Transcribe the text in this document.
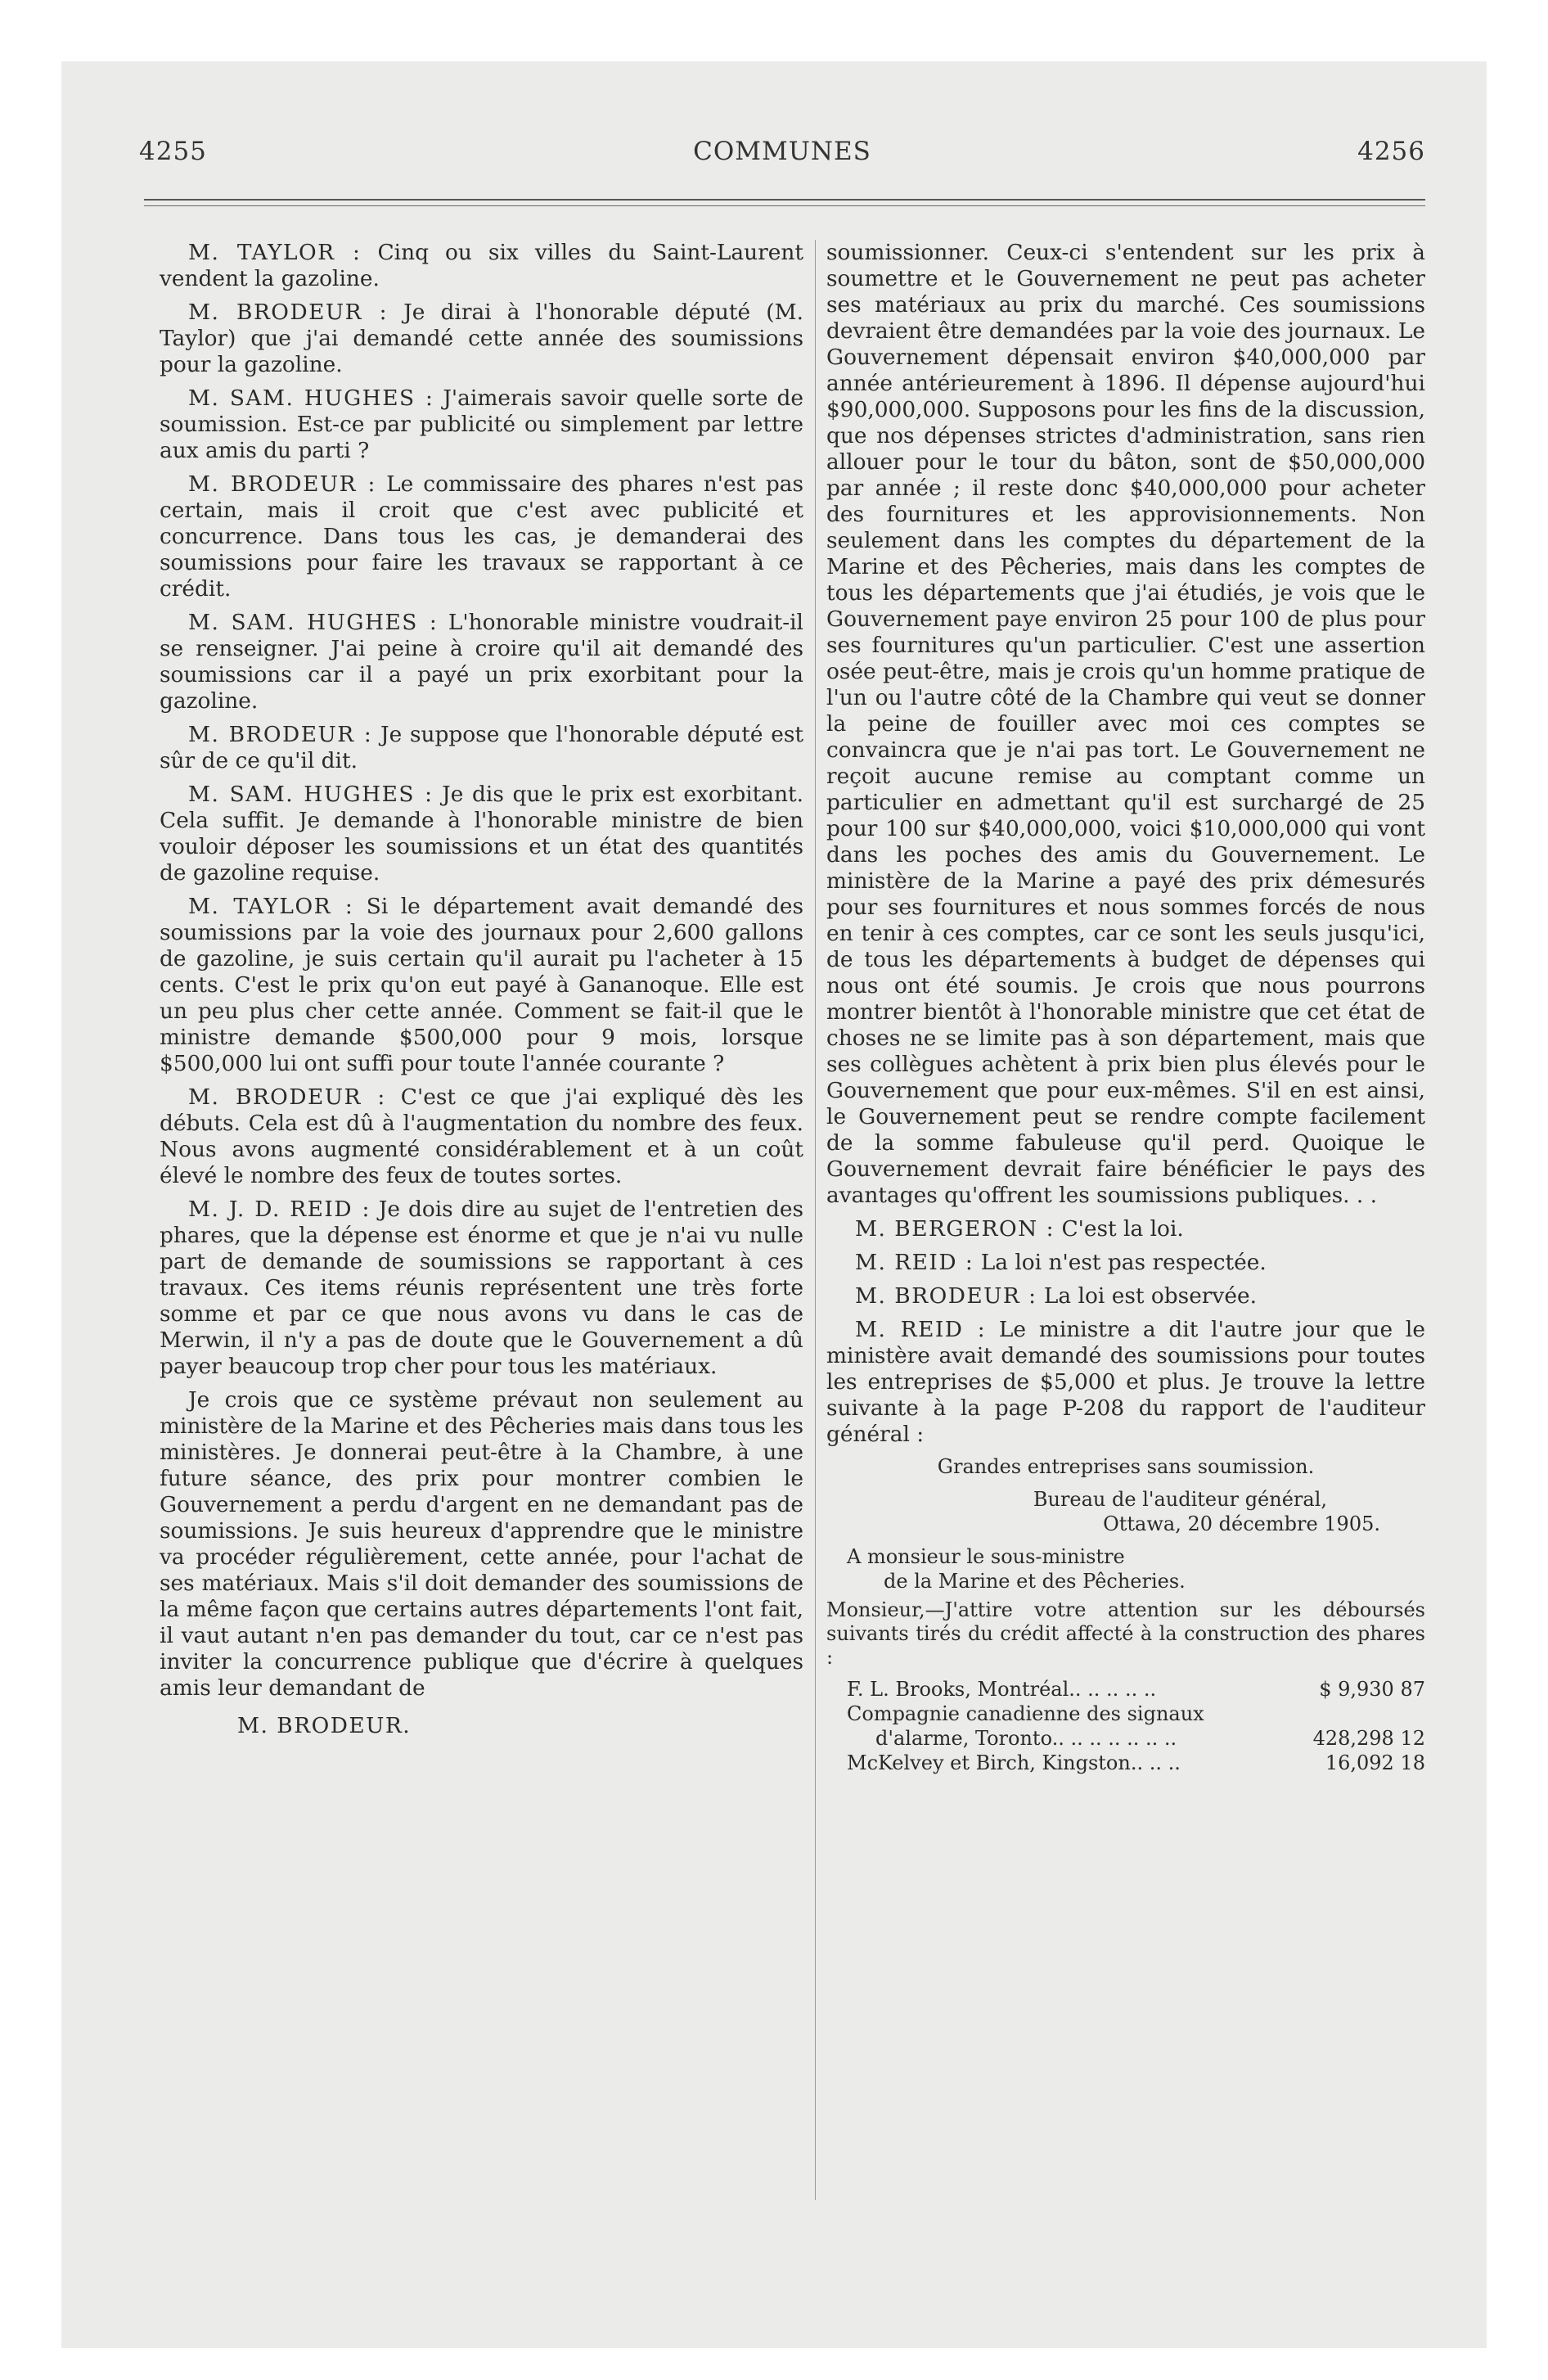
4255	COMMUNES	4256

M. TAYLOR : Cinq ou six villes du Saint-Laurent vendent la gazoline.

M. BRODEUR : Je dirai à l'honorable député (M. Taylor) que j'ai demandé cette année des soumissions pour la gazoline.

M. SAM. HUGHES : J'aimerais savoir quelle sorte de soumission. Est-ce par publicité ou simplement par lettre aux amis du parti ?

M. BRODEUR : Le commissaire des phares n'est pas certain, mais il croit que c'est avec publicité et concurrence. Dans tous les cas, je demanderai des soumissions pour faire les travaux se rapportant à ce crédit.

M. SAM. HUGHES : L'honorable ministre voudrait-il se renseigner. J'ai peine à croire qu'il ait demandé des soumissions car il a payé un prix exorbitant pour la gazoline.

M. BRODEUR : Je suppose que l'honorable député est sûr de ce qu'il dit.

M. SAM. HUGHES : Je dis que le prix est exorbitant. Cela suffit. Je demande à l'honorable ministre de bien vouloir déposer les soumissions et un état des quantités de gazoline requise.

M. TAYLOR : Si le département avait demandé des soumissions par la voie des journaux pour 2,600 gallons de gazoline, je suis certain qu'il aurait pu l'acheter à 15 cents. C'est le prix qu'on eut payé à Gananoque. Elle est un peu plus cher cette année. Comment se fait-il que le ministre demande $500,000 pour 9 mois, lorsque $500,000 lui ont suffi pour toute l'année courante ?

M. BRODEUR : C'est ce que j'ai expliqué dès les débuts. Cela est dû à l'augmentation du nombre des feux. Nous avons augmenté considérablement et à un coût élevé le nombre des feux de toutes sortes.

M. J. D. REID : Je dois dire au sujet de l'entretien des phares, que la dépense est énorme et que je n'ai vu nulle part de demande de soumissions se rapportant à ces travaux. Ces items réunis représentent une très forte somme et par ce que nous avons vu dans le cas de Merwin, il n'y a pas de doute que le Gouvernement a dû payer beaucoup trop cher pour tous les matériaux.

Je crois que ce système prévaut non seulement au ministère de la Marine et des Pêcheries mais dans tous les ministères. Je donnerai peut-être à la Chambre, à une future séance, des prix pour montrer combien le Gouvernement a perdu d'argent en ne demandant pas de soumissions. Je suis heureux d'apprendre que le ministre va procéder régulièrement, cette année, pour l'achat de ses matériaux. Mais s'il doit demander des soumissions de la même façon que certains autres départements l'ont fait, il vaut autant n'en pas demander du tout, car ce n'est pas inviter la concurrence publique que d'écrire à quelques amis leur demandant de

M. BRODEUR.

soumissionner. Ceux-ci s'entendent sur les prix à soumettre et le Gouvernement ne peut pas acheter ses matériaux au prix du marché. Ces soumissions devraient être demandées par la voie des journaux. Le Gouvernement dépensait environ $40,000,000 par année antérieurement à 1896. Il dépense aujourd'hui $90,000,000. Supposons pour les fins de la discussion, que nos dépenses strictes d'administration, sans rien allouer pour le tour du bâton, sont de $50,000,000 par année ; il reste donc $40,000,000 pour acheter des fournitures et les approvisionnements. Non seulement dans les comptes du département de la Marine et des Pêcheries, mais dans les comptes de tous les départements que j'ai étudiés, je vois que le Gouvernement paye environ 25 pour 100 de plus pour ses fournitures qu'un particulier. C'est une assertion osée peut-être, mais je crois qu'un homme pratique de l'un ou l'autre côté de la Chambre qui veut se donner la peine de fouiller avec moi ces comptes se convaincra que je n'ai pas tort. Le Gouvernement ne reçoit aucune remise au comptant comme un particulier en admettant qu'il est surchargé de 25 pour 100 sur $40,000,000, voici $10,000,000 qui vont dans les poches des amis du Gouvernement. Le ministère de la Marine a payé des prix démesurés pour ses fournitures et nous sommes forcés de nous en tenir à ces comptes, car ce sont les seuls jusqu'ici, de tous les départements à budget de dépenses qui nous ont été soumis. Je crois que nous pourrons montrer bientôt à l'honorable ministre que cet état de choses ne se limite pas à son département, mais que ses collègues achètent à prix bien plus élevés pour le Gouvernement que pour eux-mêmes. S'il en est ainsi, le Gouvernement peut se rendre compte facilement de la somme fabuleuse qu'il perd. Quoique le Gouvernement devrait faire bénéficier le pays des avantages qu'offrent les soumissions publiques. . .

M. BERGERON : C'est la loi.

M. REID : La loi n'est pas respectée.

M. BRODEUR : La loi est observée.

M. REID : Le ministre a dit l'autre jour que le ministère avait demandé des soumissions pour toutes les entreprises de $5,000 et plus. Je trouve la lettre suivante à la page P-208 du rapport de l'auditeur général :

Grandes entreprises sans soumission.

Bureau de l'auditeur général,

Ottawa, 20 décembre 1905.

A monsieur le sous-ministre

de la Marine et des Pêcheries.

Monsieur,—J'attire votre attention sur les déboursés suivants tirés du crédit affecté à la construction des phares :

F. L. Brooks, Montréal.. .. .. .. ..	$ 9,930 87
Compagnie canadienne des signaux
d'alarme, Toronto.. .. .. .. .. .. ..	428,298 12
McKelvey et Birch, Kingston.. .. ..	16,092 18
